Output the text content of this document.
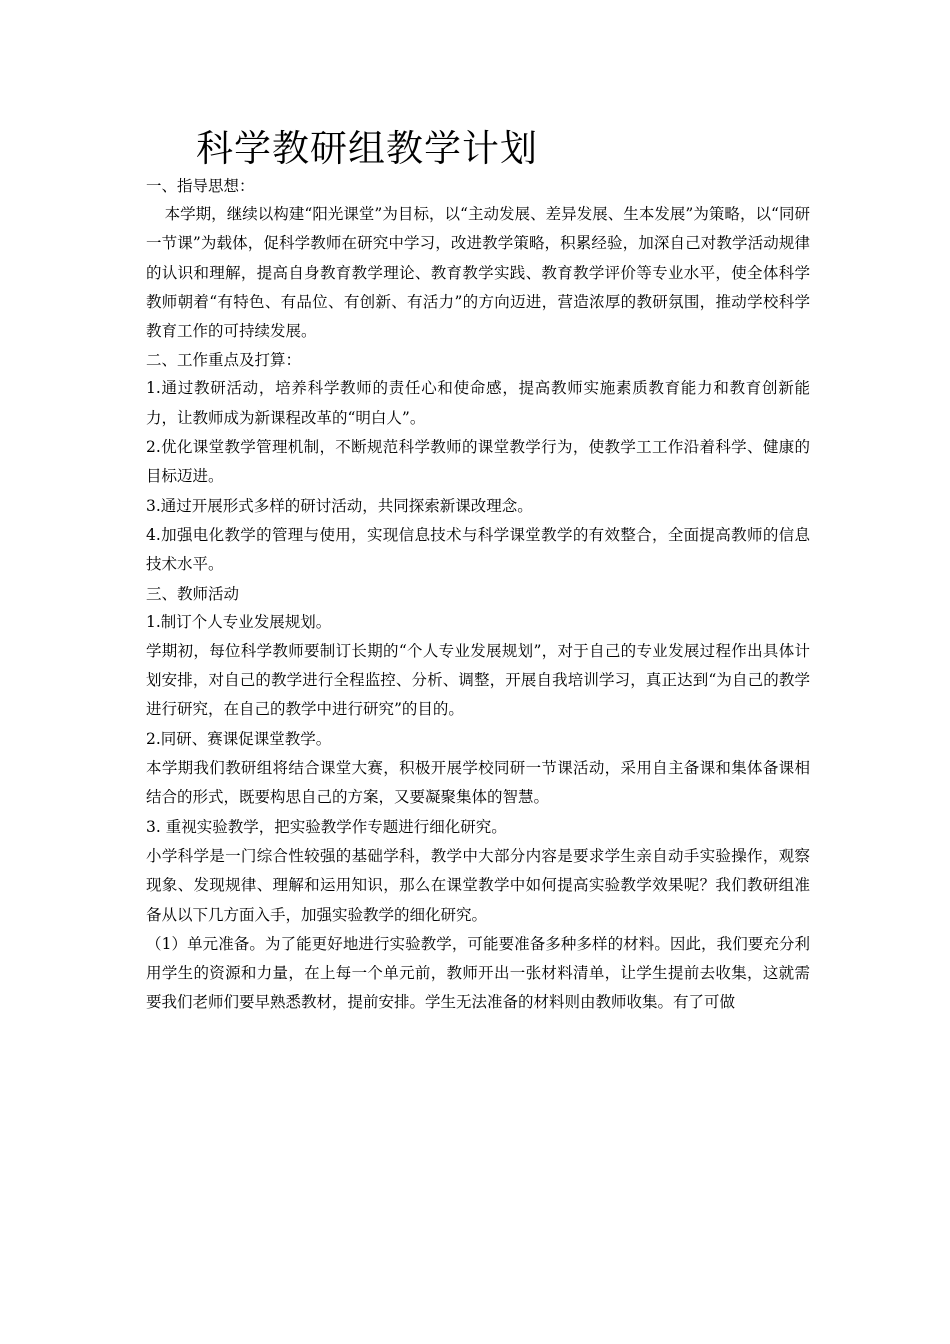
科学教研组教学计划

一、指导思想：

本学期，继续以构建“阳光课堂”为目标，以“主动发展、差异发展、生本发展”为策略，以“同研一节课”为载体，促科学教师在研究中学习，改进教学策略，积累经验，加深自己对教学活动规律的认识和理解，提高自身教育教学理论、教育教学实践、教育教学评价等专业水平，使全体科学教师朝着“有特色、有品位、有创新、有活力”的方向迈进，营造浓厚的教研氛围，推动学校科学教育工作的可持续发展。

二、工作重点及打算：

1.通过教研活动，培养科学教师的责任心和使命感，提高教师实施素质教育能力和教育创新能力，让教师成为新课程改革的“明白人”。

2.优化课堂教学管理机制，不断规范科学教师的课堂教学行为，使教学工工作沿着科学、健康的目标迈进。

3.通过开展形式多样的研讨活动，共同探索新课改理念。

4.加强电化教学的管理与使用，实现信息技术与科学课堂教学的有效整合，全面提高教师的信息技术水平。

三、教师活动

1.制订个人专业发展规划。

学期初，每位科学教师要制订长期的“个人专业发展规划”，对于自己的专业发展过程作出具体计划安排，对自己的教学进行全程监控、分析、调整，开展自我培训学习，真正达到“为自己的教学进行研究，在自己的教学中进行研究”的目的。

2.同研、赛课促课堂教学。

本学期我们教研组将结合课堂大赛，积极开展学校同研一节课活动，采用自主备课和集体备课相结合的形式，既要构思自己的方案，又要凝聚集体的智慧。

3. 重视实验教学，把实验教学作专题进行细化研究。

小学科学是一门综合性较强的基础学科，教学中大部分内容是要求学生亲自动手实验操作，观察现象、发现规律、理解和运用知识，那么在课堂教学中如何提高实验教学效果呢？我们教研组准备从以下几方面入手，加强实验教学的细化研究。

（1）单元准备。为了能更好地进行实验教学，可能要准备多种多样的材料。因此，我们要充分利用学生的资源和力量，在上每一个单元前，教师开出一张材料清单，让学生提前去收集，这就需要我们老师们要早熟悉教材，提前安排。学生无法准备的材料则由教师收集。有了可做
